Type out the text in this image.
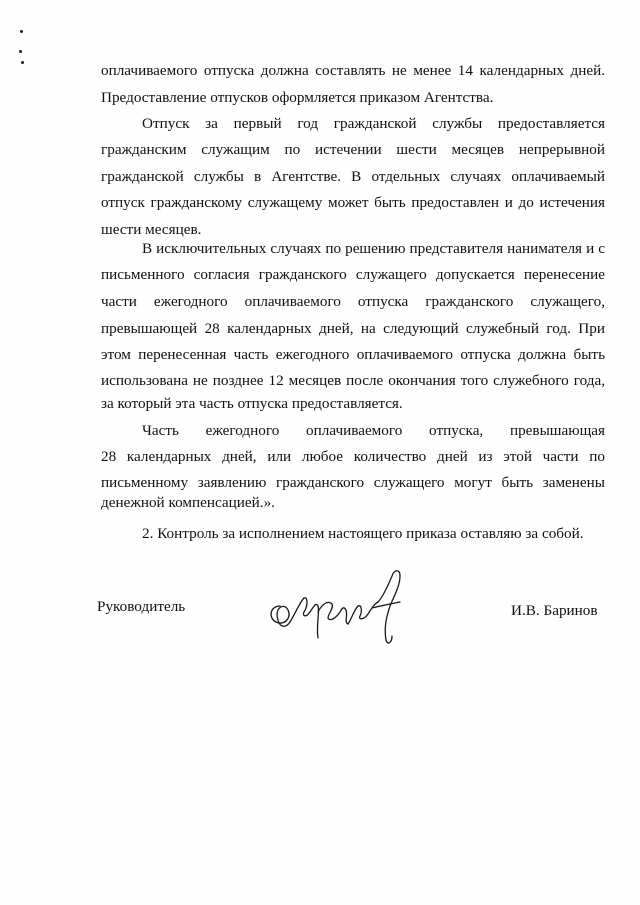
оплачиваемого отпуска должна составлять не менее 14 календарных дней.
Предоставление отпусков оформляется приказом Агентства.
Отпуск за первый год гражданской службы предоставляется
гражданским служащим по истечении шести месяцев непрерывной
гражданской службы в Агентстве. В отдельных случаях оплачиваемый
отпуск гражданскому служащему может быть предоставлен и до истечения
шести месяцев.
В исключительных случаях по решению представителя нанимателя и с
письменного согласия гражданского служащего допускается перенесение
части ежегодного оплачиваемого отпуска гражданского служащего,
превышающей 28 календарных дней, на следующий служебный год. При
этом перенесенная часть ежегодного оплачиваемого отпуска должна быть
использована не позднее 12 месяцев после окончания того служебного года,
за который эта часть отпуска предоставляется.
Часть ежегодного оплачиваемого отпуска, превышающая
28 календарных дней, или любое количество дней из этой части по
письменному заявлению гражданского служащего могут быть заменены
денежной компенсацией.».
2. Контроль за исполнением настоящего приказа оставляю за собой.
Руководитель	И.В. Баринов
